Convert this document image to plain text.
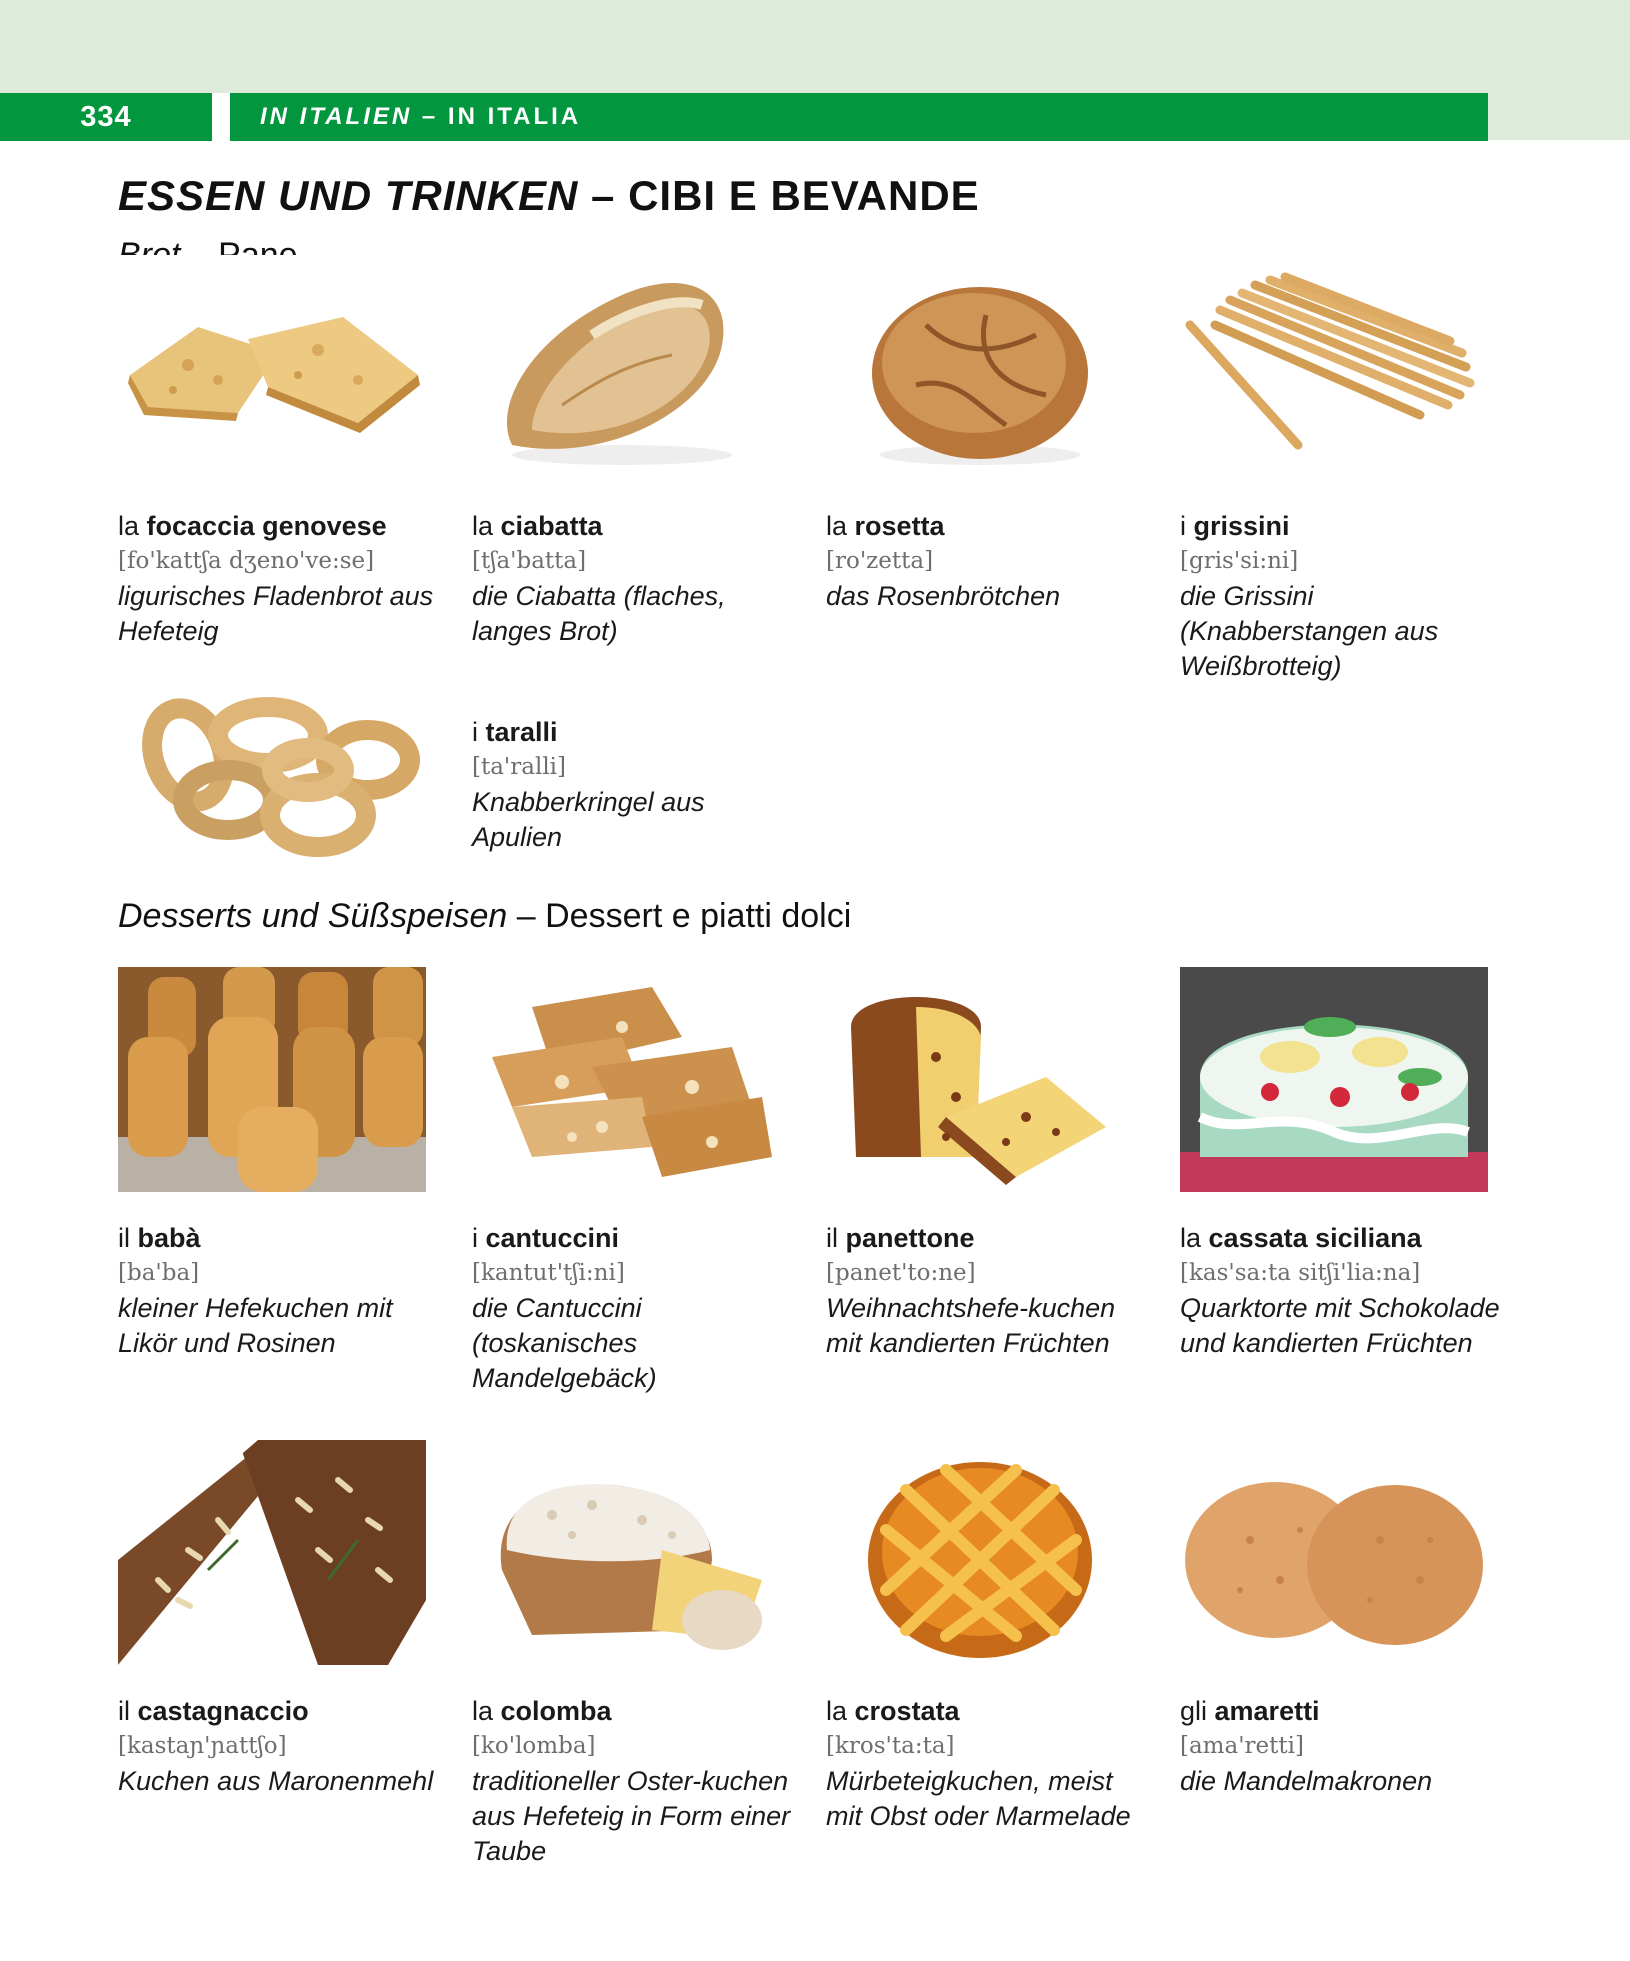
334	IN ITALIEN – IN ITALIA
ESSEN UND TRINKEN – CIBI E BEVANDE
la focaccia genovese
[fo'kattʃa dʒeno've:se]
ligurisches Fladenbrot aus Hefeteig
la ciabatta
[tʃa'batta]
die Ciabatta (flaches, langes Brot)
la rosetta
[ro'zetta]
das Rosenbrötchen
i grissini
[gris'si:ni]
die Grissini (Knabberstangen aus Weißbrotteig)
i taralli
[ta'ralli]
Knabberkringel aus Apulien
Desserts und Süßspeisen – Dessert e piatti dolci
il babà
[ba'ba]
kleiner Hefekuchen mit Likör und Rosinen
i cantuccini
[kantut'tʃi:ni]
die Cantuccini (toskanisches Mandelgebäck)
il panettone
[panet'to:ne]
Weihnachtshefe-kuchen mit kandierten Früchten
la cassata siciliana
[kas'sa:ta sitʃi'lia:na]
Quarktorte mit Schokolade und kandierten Früchten
il castagnaccio
[kastaɲ'ɲattʃo]
Kuchen aus Maronenmehl
la colomba
[ko'lomba]
traditioneller Oster-kuchen aus Hefeteig in Form einer Taube
la crostata
[kros'ta:ta]
Mürbeteigkuchen, meist mit Obst oder Marmelade
gli amaretti
[ama'retti]
die Mandelmakronen
